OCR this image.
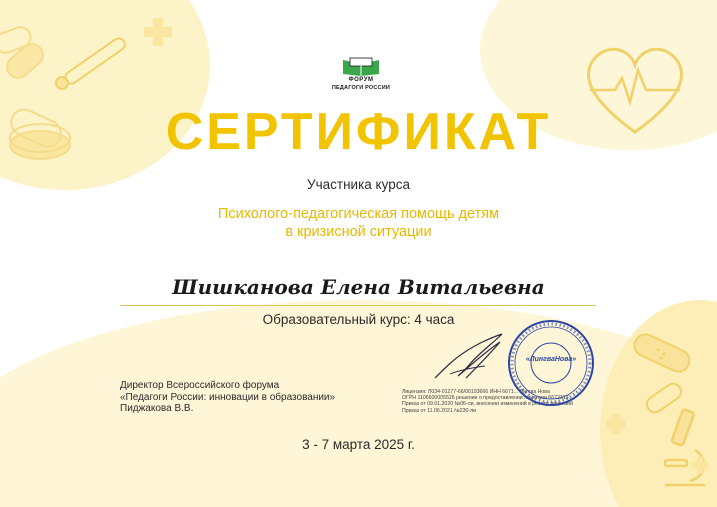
ФОРУМ
ПЕДАГОГИ РОССИИ
СЕРТИФИКАТ
Участника курса
Психолого-педагогическая помощь детям
в кризисной ситуации
Шишканова Елена Витальевна
Образовательный курс: 4 часа
Директор Всероссийского форума
«Педагоги России: инновации в образовании»
Пиджакова В.В.
Лицензия: Л034-01277-66/00193666 ИНН 6671... Лингва Нова
ОГРН 1106600005526 решение о предоставлении лицензии 6672313...
Приказ от 09.01.2020 №06-ли, внесении изменений в реестр лицензий
Приказ от 11.06.2021 №230-ли
«ЛингваНова»
3 - 7 марта 2025 г.
